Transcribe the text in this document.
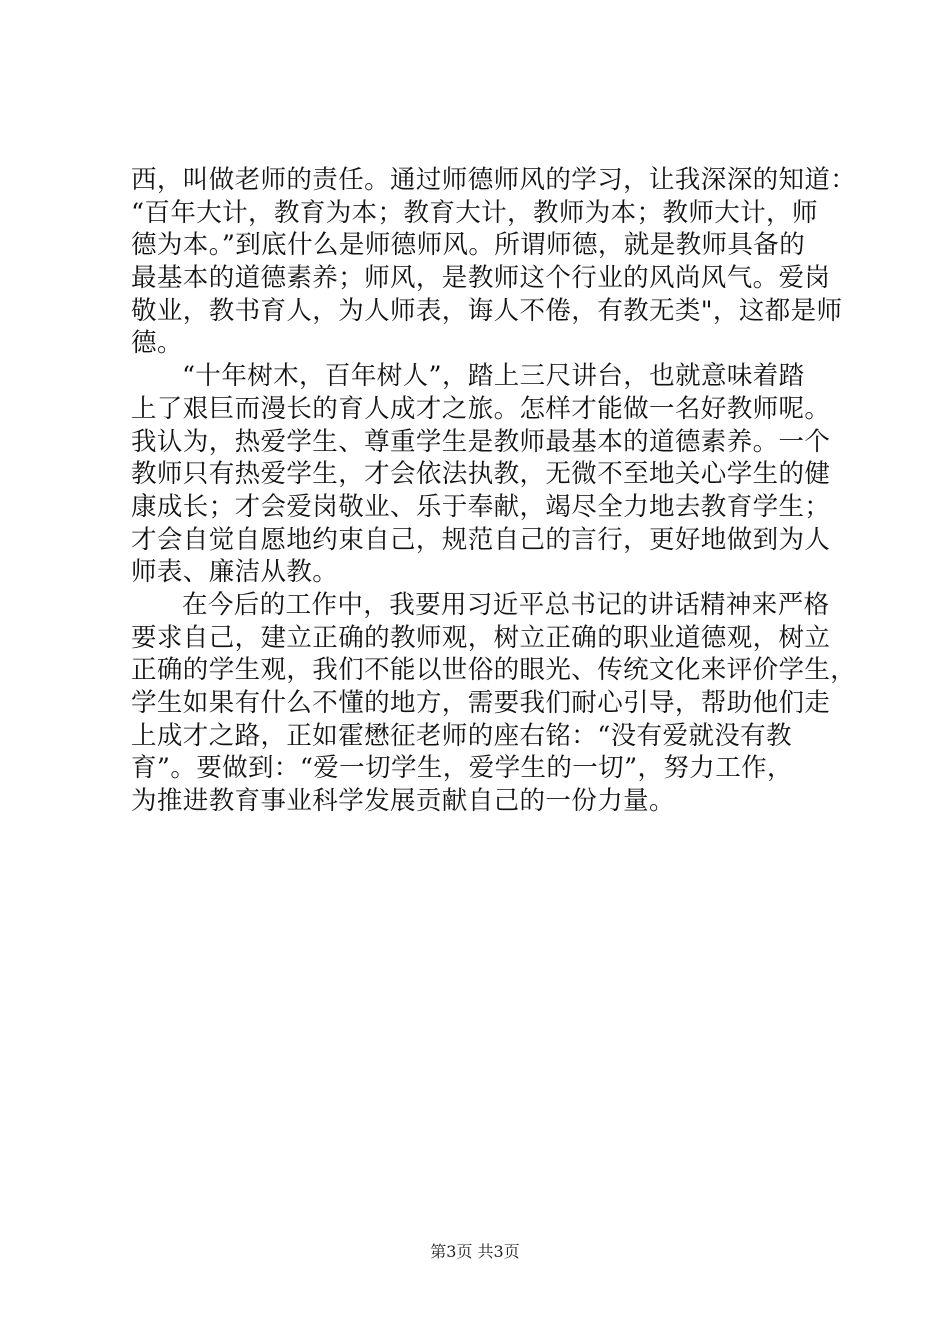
西，叫做老师的责任。通过师德师风的学习，让我深深的知道：
“百年大计，教育为本；教育大计，教师为本；教师大计，师
德为本。”到底什么是师德师风。所谓师德，就是教师具备的
最基本的道德素养；师风，是教师这个行业的风尚风气。爱岗
敬业，教书育人，为人师表，诲人不倦，有教无类"，这都是师
德。
“十年树木，百年树人”，踏上三尺讲台，也就意味着踏
上了艰巨而漫长的育人成才之旅。怎样才能做一名好教师呢。
我认为，热爱学生、尊重学生是教师最基本的道德素养。一个
教师只有热爱学生，才会依法执教，无微不至地关心学生的健
康成长；才会爱岗敬业、乐于奉献，竭尽全力地去教育学生；
才会自觉自愿地约束自己，规范自己的言行，更好地做到为人
师表、廉洁从教。
在今后的工作中，我要用习近平总书记的讲话精神来严格
要求自己，建立正确的教师观，树立正确的职业道德观，树立
正确的学生观，我们不能以世俗的眼光、传统文化来评价学生，
学生如果有什么不懂的地方，需要我们耐心引导，帮助他们走
上成才之路，正如霍懋征老师的座右铭：“没有爱就没有教
育”。要做到：“爱一切学生，爱学生的一切”，努力工作，
为推进教育事业科学发展贡献自己的一份力量。
第3页 共3页
